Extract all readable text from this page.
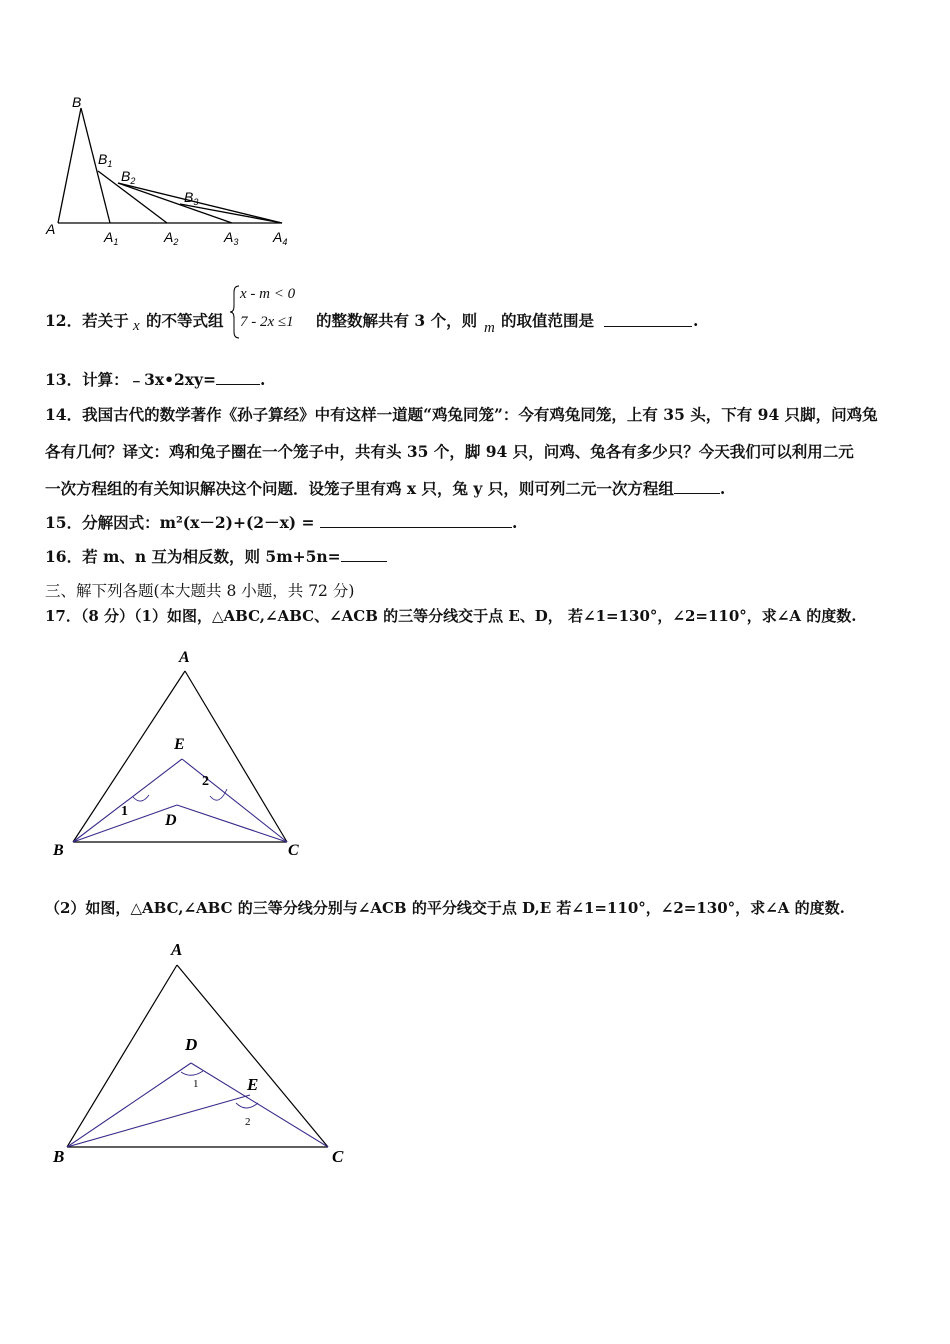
B
$B_1$
$B_2$
$B_3$
A	$A_1$	$A_2$	$A_3$ $A_4$
12．若关于 x 的不等式组
x - m < 0
7 - 2x ≤1 的整数解共有 3 个，则 m 的取值范围是	.
13．计算：﹣3x•2xy=	.
14．我国古代的数学著作《孙子算经》中有这样一道题“鸡兔同笼”：今有鸡兔同笼，上有 35 头，下有 94 只脚，问鸡兔
各有几何？译文：鸡和兔子圈在一个笼子中，共有头 35 个，脚 94 只，问鸡、兔各有多少只？今天我们可以利用二元
一次方程组的有关知识解决这个问题．设笼子里有鸡 x 只，兔 y 只，则可列二元一次方程组	.
15．分解因式：m²(x－2)+(2－x) =	.
16．若 m、n 互为相反数，则 5m+5n=
三、解下列各题(本大题共 8 小题，共 72 分)
17．（8 分）（1）如图，△ABC,∠ABC、∠ACB 的三等分线交于点 E、D， 若∠1=130°，∠2=110°，求∠A 的度数.
A
E
D
B	C
1
2
（2）如图，△ABC,∠ABC 的三等分线分别与∠ACB 的平分线交于点 D,E 若∠1=110°，∠2=130°，求∠A 的度数.
A
D
E
B	C
1
2
